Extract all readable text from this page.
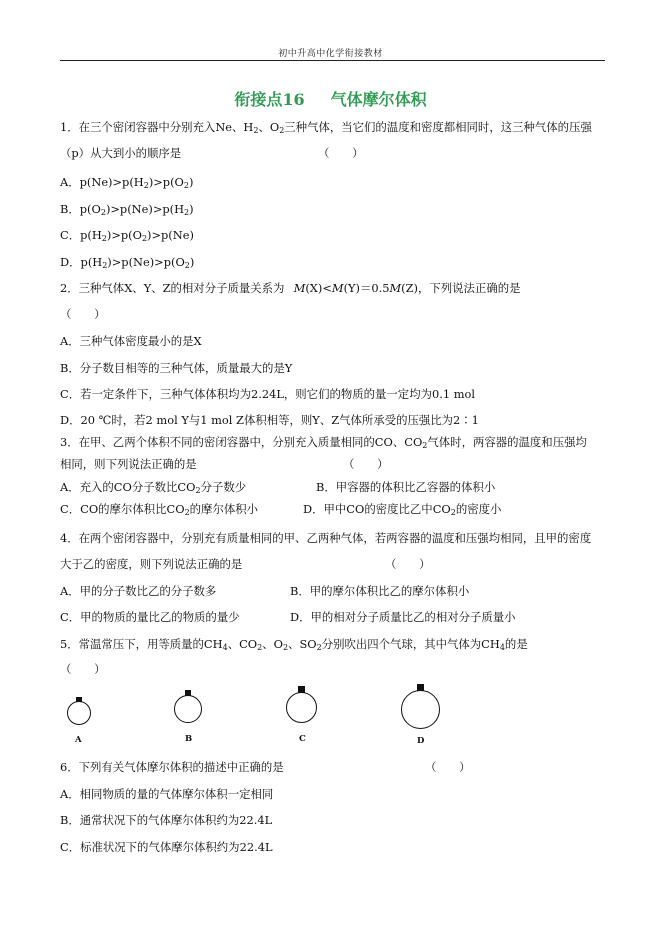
初中升高中化学衔接教材
衔接点16 气体摩尔体积
1．在三个密闭容器中分别充入Ne、$H_2$、$O_2$三种气体，当它们的温度和密度都相同时，这三种气体的压强
（p）从大到小的顺序是	（　　）
A．$p(Ne)>p(H_2)>p(O_2)$
B．$p(O_2)>p(Ne)>p(H_2)$
C．$p(H_2)>p(O_2)>p(Ne)$
D．$p(H_2)>p(Ne)>p(O_2)$
2．三种气体X、Y、Z的相对分子质量关系为 M(X)<M(Y)＝0.5M(Z)，下列说法正确的是
（　　）
A．三种气体密度最小的是X
B．分子数目相等的三种气体，质量最大的是Y
C．若一定条件下，三种气体体积均为2.24L，则它们的物质的量一定均为0.1 mol
D．20 ℃时，若2 mol Y与1 mol Z体积相等，则Y、Z气体所承受的压强比为2∶1
3．在甲、乙两个体积不同的密闭容器中，分别充入质量相同的CO、$CO_2$气体时，两容器的温度和压强均
相同，则下列说法正确的是	（　　）
A．充入的CO分子数比$CO_2$分子数少	B．甲容器的体积比乙容器的体积小
C．CO的摩尔体积比$CO_2$的摩尔体积小	D．甲中CO的密度比乙中$CO_2$的密度小
4．在两个密闭容器中，分别充有质量相同的甲、乙两种气体，若两容器的温度和压强均相同，且甲的密度
大于乙的密度，则下列说法正确的是	（　　）
A．甲的分子数比乙的分子数多	B．甲的摩尔体积比乙的摩尔体积小
C．甲的物质的量比乙的物质的量少	D．甲的相对分子质量比乙的相对分子质量小
5．常温常压下，用等质量的$CH_4$、$CO_2$、$O_2$、$SO_2$分别吹出四个气球，其中气体为$CH_4$的是
（　　）
A	B	C	D
6．下列有关气体摩尔体积的描述中正确的是	（　　）
A．相同物质的量的气体摩尔体积一定相同
B．通常状况下的气体摩尔体积约为22.4L
C．标准状况下的气体摩尔体积约为22.4L
